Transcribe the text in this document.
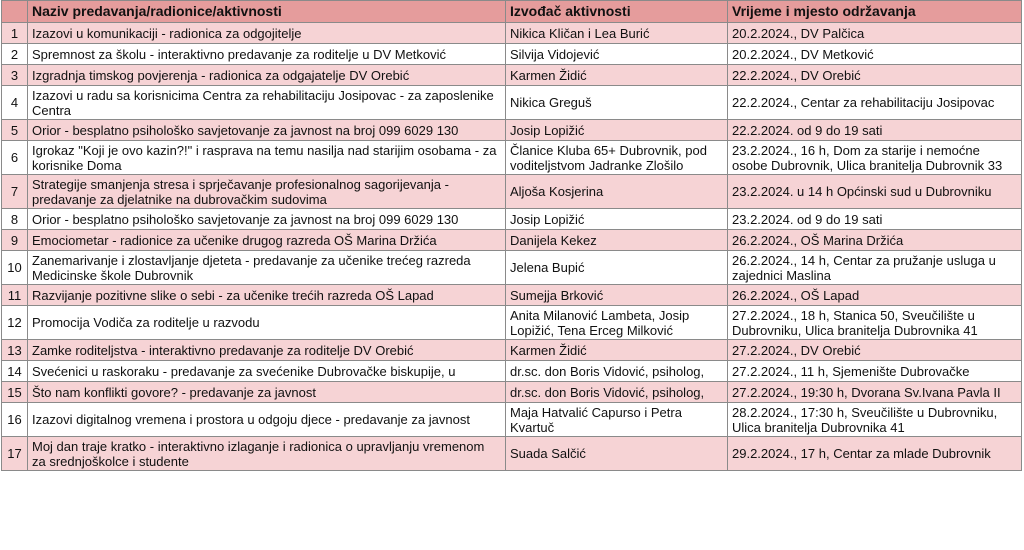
	Naziv predavanja/radionice/aktivnosti	Izvođač aktivnosti	Vrijeme i mjesto održavanja
1	Izazovi u komunikaciji - radionica za odgojitelje	Nikica Kličan i Lea Burić	20.2.2024., DV Palčica
2	Spremnost za školu - interaktivno predavanje za roditelje u DV Metković	Silvija Vidojević	20.2.2024., DV Metković
3	Izgradnja timskog povjerenja - radionica za odgajatelje DV Orebić	Karmen Židić	22.2.2024., DV Orebić
4	Izazovi u radu sa korisnicima Centra za rehabilitaciju Josipovac - za zaposlenike Centra	Nikica Greguš	22.2.2024., Centar za rehabilitaciju Josipovac
5	Orior - besplatno psihološko savjetovanje za javnost na broj 099 6029 130	Josip Lopižić	22.2.2024. od 9 do 19 sati
6	Igrokaz "Koji je ovo kazin?!" i rasprava na temu nasilja nad starijim osobama - za korisnike Doma	Članice Kluba 65+ Dubrovnik, pod voditeljstvom Jadranke Zlošilo	23.2.2024., 16 h, Dom za starije i nemoćne osobe Dubrovnik, Ulica branitelja Dubrovnik 33
7	Strategije smanjenja stresa i sprječavanje profesionalnog sagorijevanja - predavanje za djelatnike na dubrovačkim sudovima	Aljoša Kosjerina	23.2.2024. u 14 h Općinski sud u Dubrovniku
8	Orior - besplatno psihološko savjetovanje za javnost na broj 099 6029 130	Josip Lopižić	23.2.2024. od 9 do 19 sati
9	Emociometar - radionice za učenike drugog razreda OŠ Marina Držića	Danijela Kekez	26.2.2024., OŠ Marina Držića
10	Zanemarivanje i zlostavljanje djeteta - predavanje za učenike trećeg razreda Medicinske škole Dubrovnik	Jelena Bupić	26.2.2024., 14 h, Centar za pružanje usluga u zajednici Maslina
11	Razvijanje pozitivne slike o sebi - za učenike trećih razreda OŠ Lapad	Sumejja Brković	26.2.2024., OŠ Lapad
12	Promocija Vodiča za roditelje u razvodu	Anita Milanović Lambeta, Josip Lopižić, Tena Erceg Milković	27.2.2024., 18 h, Stanica 50, Sveučilište u Dubrovniku, Ulica branitelja Dubrovnika 41
13	Zamke roditeljstva - interaktivno predavanje za roditelje DV Orebić	Karmen Židić	27.2.2024., DV Orebić
14	Svećenici u raskoraku - predavanje za svećenike Dubrovačke biskupije, u	dr.sc. don Boris Vidović, psiholog,	27.2.2024., 11 h, Sjemenište Dubrovačke
15	Što nam konflikti govore? - predavanje za javnost	dr.sc. don Boris Vidović, psiholog,	27.2.2024., 19:30 h, Dvorana Sv.Ivana Pavla II
16	Izazovi digitalnog vremena i prostora u odgoju djece - predavanje za javnost	Maja Hatvalić Capurso i Petra Kvartuč	28.2.2024., 17:30 h, Sveučilište u Dubrovniku, Ulica branitelja Dubrovnika 41
17	Moj dan traje kratko - interaktivno izlaganje i radionica o upravljanju vremenom za srednjoškolce i studente	Suada Salčić	29.2.2024., 17 h, Centar za mlade Dubrovnik
